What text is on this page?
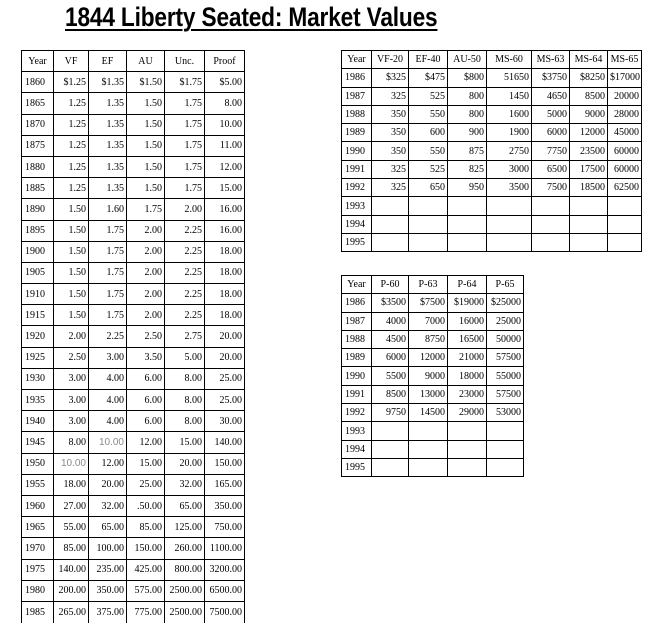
1844 Liberty Seated: Market Values
Year	VF	EF	AU	Unc.	Proof
1860	$1.25	$1.35	$1.50	$1.75	$5.00
1865	1.25	1.35	1.50	1.75	8.00
1870	1.25	1.35	1.50	1.75	10.00
1875	1.25	1.35	1.50	1.75	11.00
1880	1.25	1.35	1.50	1.75	12.00
1885	1.25	1.35	1.50	1.75	15.00
1890	1.50	1.60	1.75	2.00	16.00
1895	1.50	1.75	2.00	2.25	16.00
1900	1.50	1.75	2.00	2.25	18.00
1905	1.50	1.75	2.00	2.25	18.00
1910	1.50	1.75	2.00	2.25	18.00
1915	1.50	1.75	2.00	2.25	18.00
1920	2.00	2.25	2.50	2.75	20.00
1925	2.50	3.00	3.50	5.00	20.00
1930	3.00	4.00	6.00	8.00	25.00
1935	3.00	4.00	6.00	8.00	25.00
1940	3.00	4.00	6.00	8.00	30.00
1945	8.00	10.00	12.00	15.00	140.00
1950	10.00	12.00	15.00	20.00	150.00
1955	18.00	20.00	25.00	32.00	165.00
1960	27.00	32.00	.50.00	65.00	350.00
1965	55.00	65.00	85.00	125.00	750.00
1970	85.00	100.00	150.00	260.00	1100.00
1975	140.00	235.00	425.00	800.00	3200.00
1980	200.00	350.00	575.00	2500.00	6500.00
1985	265.00	375.00	775.00	2500.00	7500.00
Year	VF-20	EF-40	AU-50	MS-60	MS-63	MS-64	MS-65
1986	$325	$475	$800	51650	$3750	$8250	$17000
1987	325	525	800	1450	4650	8500	20000
1988	350	550	800	1600	5000	9000	28000
1989	350	600	900	1900	6000	12000	45000
1990	350	550	875	2750	7750	23500	60000
1991	325	525	825	3000	6500	17500	60000
1992	325	650	950	3500	7500	18500	62500
1993							
1994							
1995							
Year	P-60	P-63	P-64	P-65
1986	$3500	$7500	$19000	$25000
1987	4000	7000	16000	25000
1988	4500	8750	16500	50000
1989	6000	12000	21000	57500
1990	5500	9000	18000	55000
1991	8500	13000	23000	57500
1992	9750	14500	29000	53000
1993				
1994				
1995				
